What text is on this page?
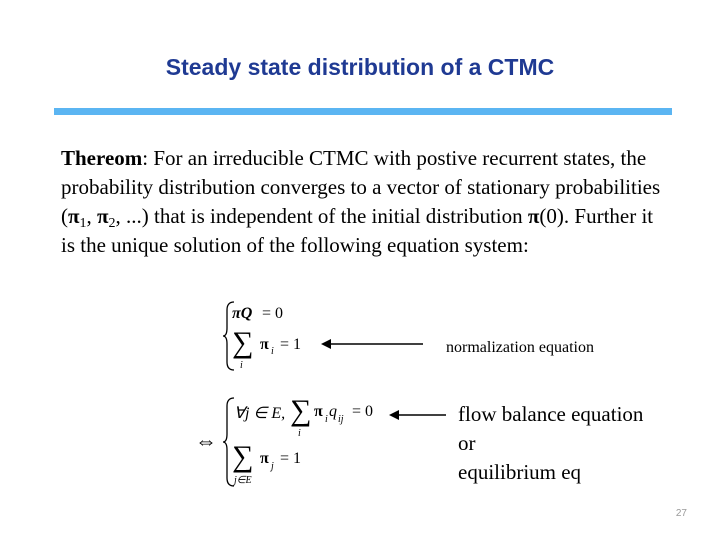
Steady state distribution of a CTMC
Thereom: For an irreducible CTMC with postive recurrent states, the probability distribution converges to a vector of stationary probabilities ($\pi_1$, $\pi_2$, ...) that is independent of the initial distribution π(0). Further it is the unique solution of the following equation system:
πQ = 0
∑
i
π i = 1	normalization equation
⇔
∀j ∈ E, ∑
i
π i q ij = 0
∑
j∈E
π j = 1
flow balance equation
or
equilibrium eq
27
